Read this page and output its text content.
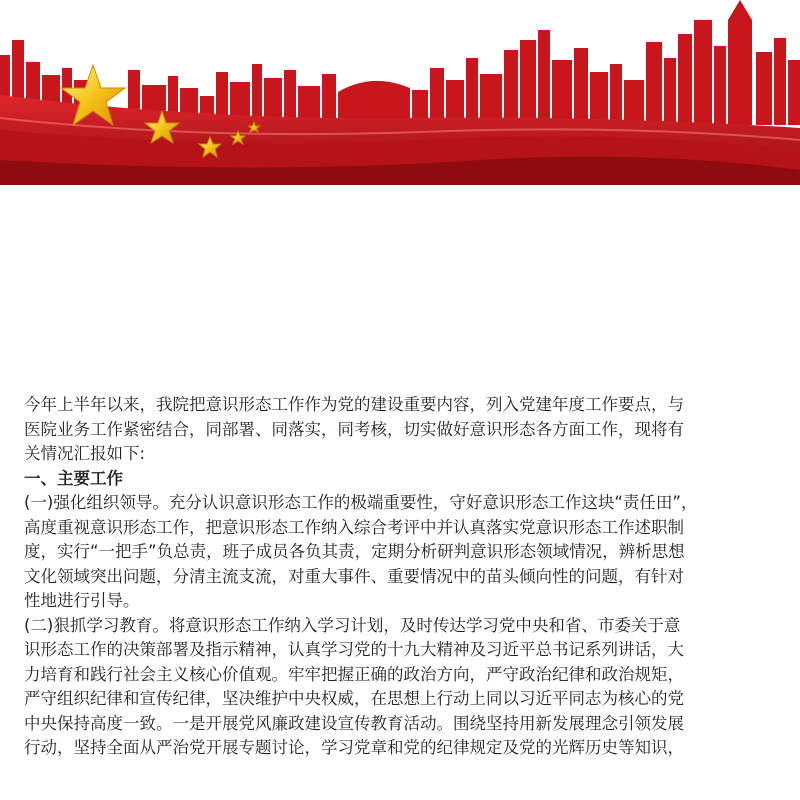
今年上半年以来，我院把意识形态工作作为党的建设重要内容，列入党建年度工作要点，与

医院业务工作紧密结合，同部署、同落实，同考核，切实做好意识形态各方面工作，现将有

关情况汇报如下:

一、主要工作

(一)强化组织领导。充分认识意识形态工作的极端重要性，守好意识形态工作这块“责任田”，

高度重视意识形态工作，把意识形态工作纳入综合考评中并认真落实党意识形态工作述职制

度，实行“一把手”负总责，班子成员各负其责，定期分析研判意识形态领域情况，辨析思想

文化领域突出问题，分清主流支流，对重大事件、重要情况中的苗头倾向性的问题，有针对

性地进行引导。

(二)狠抓学习教育。将意识形态工作纳入学习计划，及时传达学习党中央和省、市委关于意

识形态工作的决策部署及指示精神，认真学习党的十九大精神及习近平总书记系列讲话，大

力培育和践行社会主义核心价值观。牢牢把握正确的政治方向，严守政治纪律和政治规矩，

严守组织纪律和宣传纪律，坚决维护中央权威，在思想上行动上同以习近平同志为核心的党

中央保持高度一致。一是开展党风廉政建设宣传教育活动。围绕坚持用新发展理念引领发展

行动，坚持全面从严治党开展专题讨论，学习党章和党的纪律规定及党的光辉历史等知识，
